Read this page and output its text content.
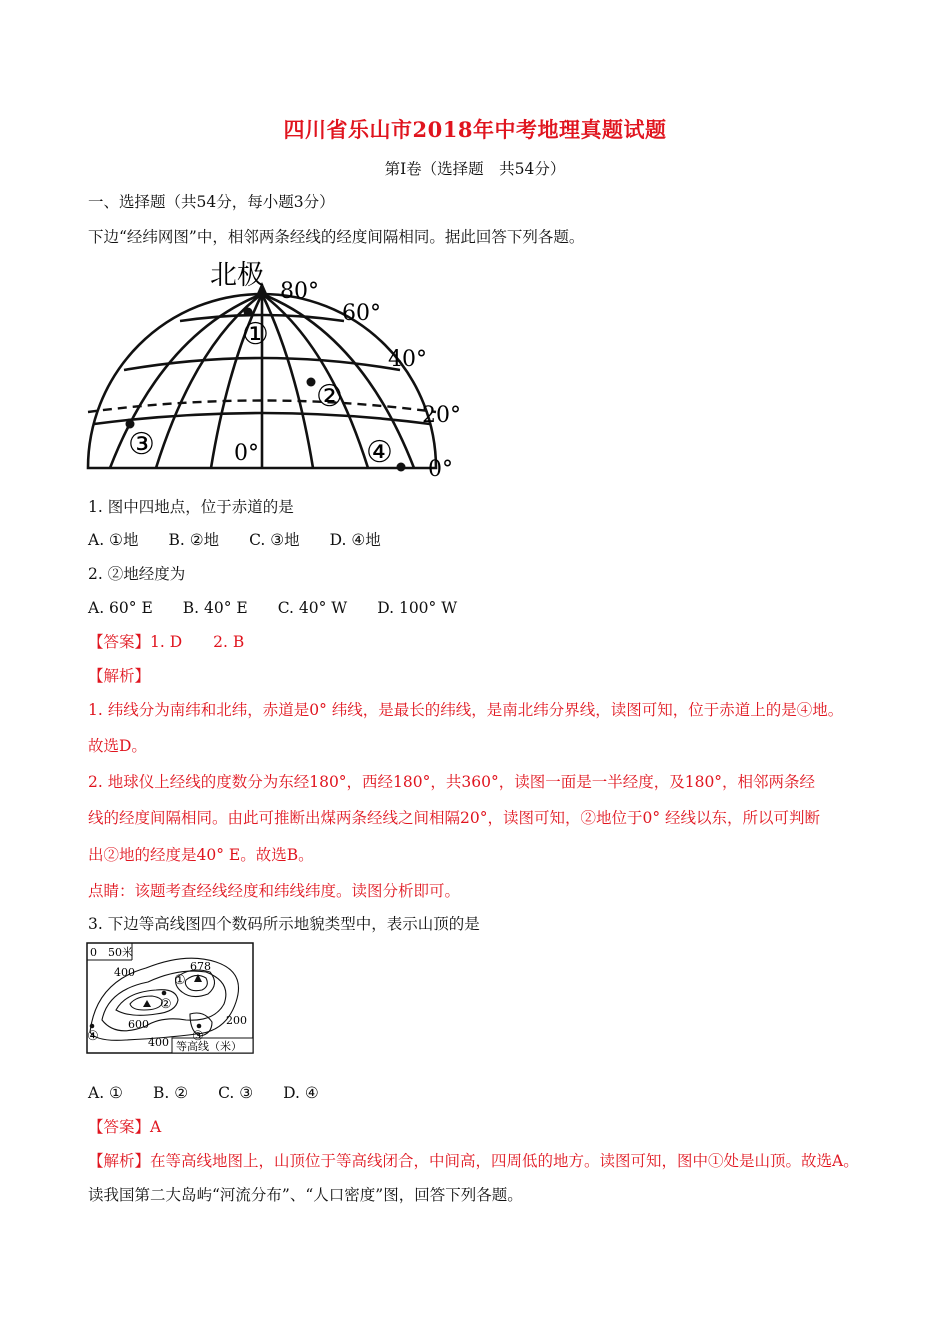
四川省乐山市2018年中考地理真题试题
第Ⅰ卷（选择题　共54分）
一、选择题（共54分，每小题3分）
下边“经纬网图”中，相邻两条经线的经度间隔相同。据此回答下列各题。
北极
80°
60°
40°
20°
0°
0°
①
②
③	④
1. 图中四地点，位于赤道的是
A. ①地 B. ②地 C. ③地 D. ④地
2. ②地经度为
A. 60° E B. 40° E C. 40° W D. 100° W
【答案】1. D　　2. B
【解析】
1. 纬线分为南纬和北纬，赤道是0° 纬线，是最长的纬线，是南北纬分界线，读图可知，位于赤道上的是④地。
故选D。
2. 地球仪上经线的度数分为东经180°，西经180°，共360°，读图一面是一半经度，及180°，相邻两条经
线的经度间隔相同。由此可推断出煤两条经线之间相隔20°，读图可知，②地位于0° 经线以东，所以可判断
出②地的经度是40° E。故选B。
点睛：该题考查经线经度和纬线纬度。读图分析即可。
3. 下边等高线图四个数码所示地貌类型中，表示山顶的是
0　50米
400
600
400
678
200
等高线（米）
①
②
③
④
A. ① B. ② C. ③ D. ④
【答案】A
【解析】在等高线地图上，山顶位于等高线闭合，中间高，四周低的地方。读图可知，图中①处是山顶。故选A。
读我国第二大岛屿“河流分布”、“人口密度”图，回答下列各题。
